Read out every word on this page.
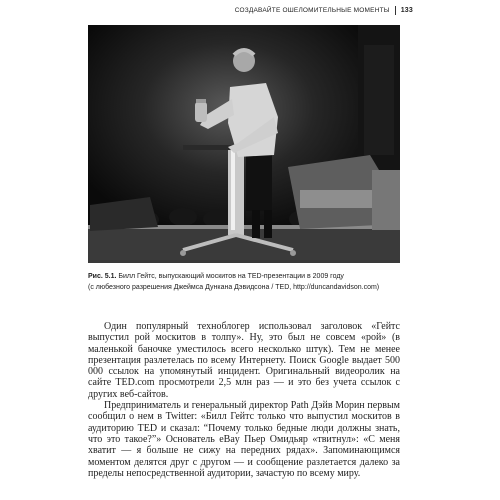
СОЗДАВАЙТЕ ОШЕЛОМИТЕЛЬНЫЕ МОМЕНТЫ 133
Рис. 5.1. Билл Гейтс, выпускающий москитов на TED-презентации в 2009 году
(с любезного разрешения Джеймса Дункана Дэвидсона / TED, http://duncandavidson.com)

Один популярный техноблогер использовал заголовок «Гейтс выпустил рой москитов в толпу». Ну, это был не совсем «рой» (в маленькой баночке уместилось всего несколько штук). Тем не менее презентация разлетелась по всему Интернету. Поиск Google выдает 500 000 ссылок на упомянутый инцидент. Оригинальный видеоролик на сайте TED.com просмотрели 2,5 млн раз — и это без учета ссылок с других веб-сайтов.

Предприниматель и генеральный директор Path Дэйв Морин первым сообщил о нем в Twitter: «Билл Гейтс только что выпустил москитов в аудиторию TED и сказал: “Почему только бедные люди должны знать, что это такое?”» Основатель eBay Пьер Омидьяр «твитнул»: «С меня хватит — я больше не сижу на передних рядах». Запоминающимся моментом делятся друг с другом — и сообщение разлетается далеко за пределы непосредственной аудитории, зачастую по всему миру.
